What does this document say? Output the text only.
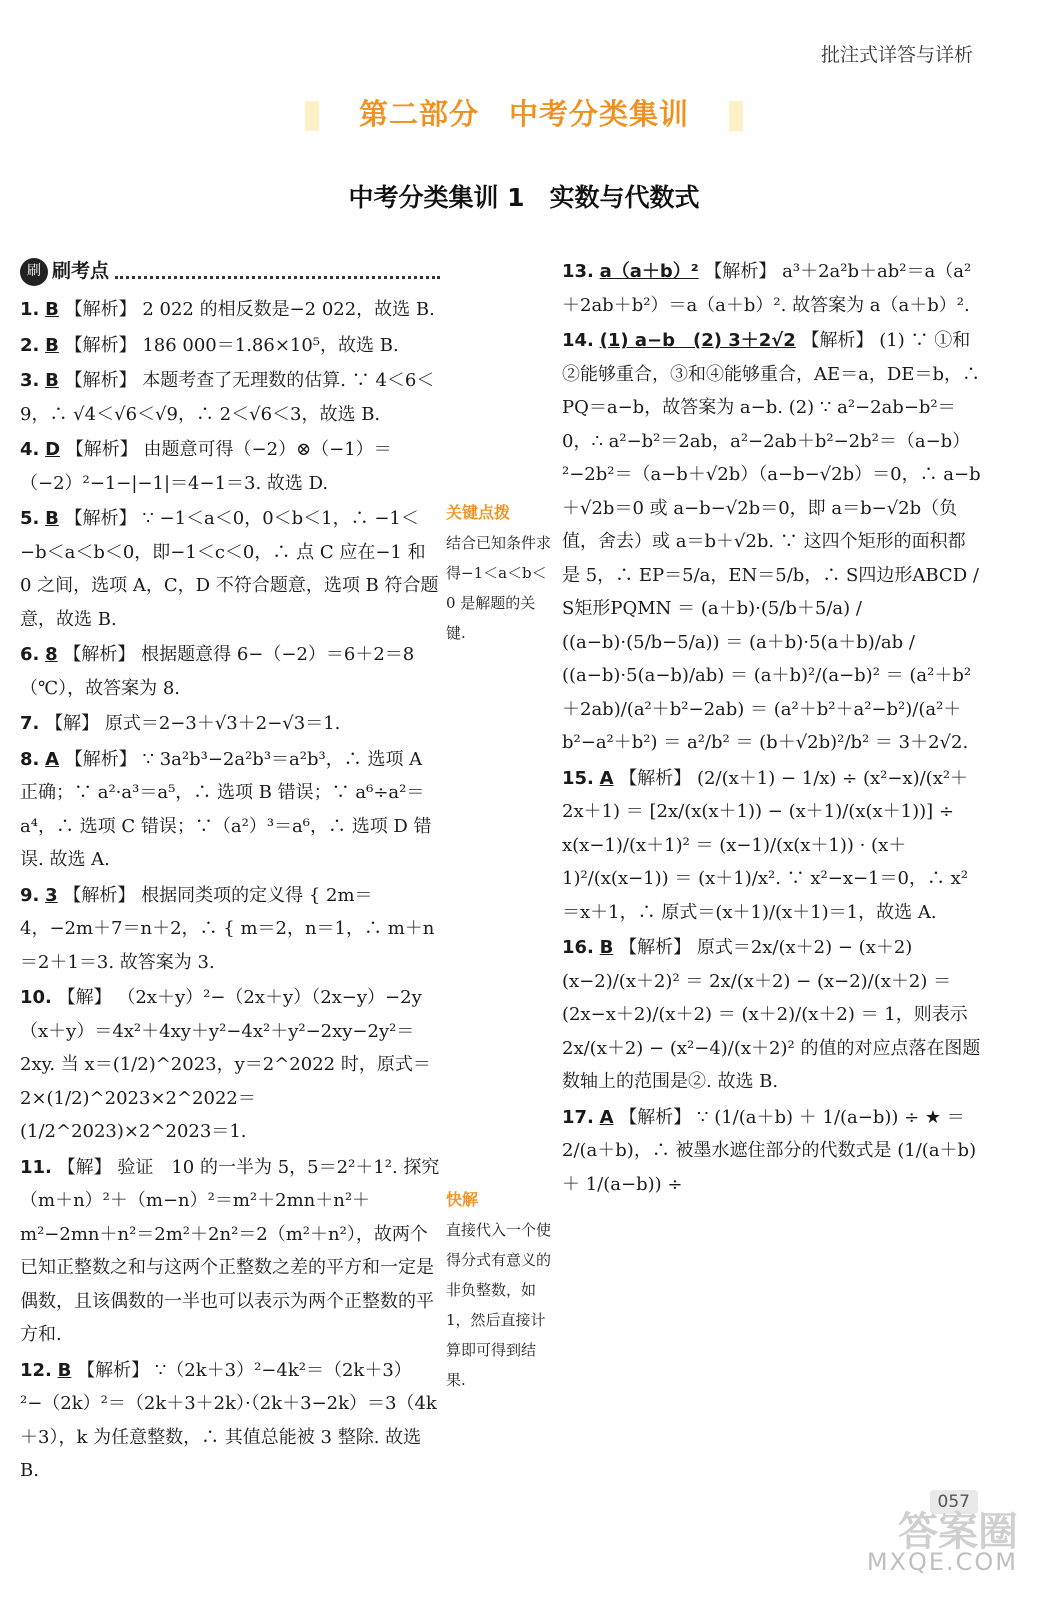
批注式详答与详析
第二部分　中考分类集训
中考分类集训 1　实数与代数式
刷 刷考点
1. B 【解析】 2 022 的相反数是−2 022，故选 B.
2. B 【解析】 186 000＝1.86×10⁵，故选 B.
3. B 【解析】 本题考查了无理数的估算. ∵ 4＜6＜9，∴ √4＜√6＜√9，∴ 2＜√6＜3，故选 B.
4. D 【解析】 由题意可得（−2）⊗（−1）＝（−2）²−1−|−1|＝4−1＝3. 故选 D.
5. B 【解析】 ∵ −1＜a＜0，0＜b＜1，∴ −1＜−b＜a＜b＜0，即−1＜c＜0，∴ 点 C 应在−1 和 0 之间，选项 A，C，D 不符合题意，选项 B 符合题意，故选 B.
6. 8 【解析】 根据题意得 6−（−2）＝6＋2＝8（℃），故答案为 8.
7. 【解】 原式＝2−3＋√3＋2−√3＝1.
8. A 【解析】 ∵ 3a²b³−2a²b³＝a²b³，∴ 选项 A 正确；∵ a²·a³＝a⁵，∴ 选项 B 错误；∵ a⁶÷a²＝a⁴，∴ 选项 C 错误；∵（a²）³＝a⁶，∴ 选项 D 错误. 故选 A.
9. 3 【解析】 根据同类项的定义得 { 2m＝4，−2m＋7＝n＋2，∴ { m＝2，n＝1，∴ m＋n＝2＋1＝3. 故答案为 3.
10. 【解】 （2x＋y）²−（2x＋y）（2x−y）−2y（x＋y）＝4x²＋4xy＋y²−4x²＋y²−2xy−2y²＝2xy. 当 x＝(1/2)^2023，y＝2^2022 时，原式＝2×(1/2)^2023×2^2022＝(1/2^2023)×2^2023＝1.
11. 【解】 验证　10 的一半为 5，5＝2²＋1². 探究　（m＋n）²＋（m−n）²＝m²＋2mn＋n²＋m²−2mn＋n²＝2m²＋2n²＝2（m²＋n²），故两个已知正整数之和与这两个正整数之差的平方和一定是偶数，且该偶数的一半也可以表示为两个正整数的平方和.
12. B 【解析】 ∵（2k＋3）²−4k²＝（2k＋3）²−（2k）²＝（2k＋3＋2k）·（2k＋3−2k）＝3（4k＋3），k 为任意整数，∴ 其值总能被 3 整除. 故选 B.
关键点拨
结合已知条件求得−1＜a＜b＜0 是解题的关键.
快解
直接代入一个使得分式有意义的非负整数，如 1，然后直接计算即可得到结果.
13. a（a＋b）² 【解析】 a³＋2a²b＋ab²＝a（a²＋2ab＋b²）＝a（a＋b）². 故答案为 a（a＋b）².
14. (1) a−b　(2) 3＋2√2 【解析】 (1) ∵ ①和②能够重合，③和④能够重合，AE＝a，DE＝b，∴ PQ＝a−b，故答案为 a−b. (2) ∵ a²−2ab−b²＝0，∴ a²−b²＝2ab，a²−2ab＋b²−2b²＝（a−b）²−2b²＝（a−b＋√2b）（a−b−√2b）＝0，∴ a−b＋√2b＝0 或 a−b−√2b＝0，即 a＝b−√2b（负值，舍去）或 a＝b＋√2b. ∵ 这四个矩形的面积都是 5，∴ EP＝5/a，EN＝5/b，∴ S四边形ABCD / S矩形PQMN ＝ (a＋b)·(5/b＋5/a) / ((a−b)·(5/b−5/a)) ＝ (a＋b)·5(a＋b)/ab / ((a−b)·5(a−b)/ab) ＝ (a＋b)²/(a−b)² ＝ (a²＋b²＋2ab)/(a²＋b²−2ab) ＝ (a²＋b²＋a²−b²)/(a²＋b²−a²＋b²) ＝ a²/b² ＝ (b＋√2b)²/b² ＝ 3＋2√2.
15. A 【解析】 (2/(x＋1) − 1/x) ÷ (x²−x)/(x²＋2x＋1) ＝ [2x/(x(x＋1)) − (x＋1)/(x(x＋1))] ÷ x(x−1)/(x＋1)² ＝ (x−1)/(x(x＋1)) · (x＋1)²/(x(x−1)) ＝ (x＋1)/x². ∵ x²−x−1＝0，∴ x²＝x＋1，∴ 原式＝(x＋1)/(x＋1)＝1，故选 A.
16. B 【解析】 原式＝2x/(x＋2) − (x＋2)(x−2)/(x＋2)² ＝ 2x/(x＋2) − (x−2)/(x＋2) ＝ (2x−x＋2)/(x＋2) ＝ (x＋2)/(x＋2) ＝ 1，则表示 2x/(x＋2) − (x²−4)/(x＋2)² 的值的对应点落在图题数轴上的范围是②. 故选 B.
17. A 【解析】 ∵ (1/(a＋b) ＋ 1/(a−b)) ÷ ★ ＝ 2/(a＋b)，∴ 被墨水遮住部分的代数式是 (1/(a＋b) ＋ 1/(a−b)) ÷
057
答案圈
MXQE.COM
